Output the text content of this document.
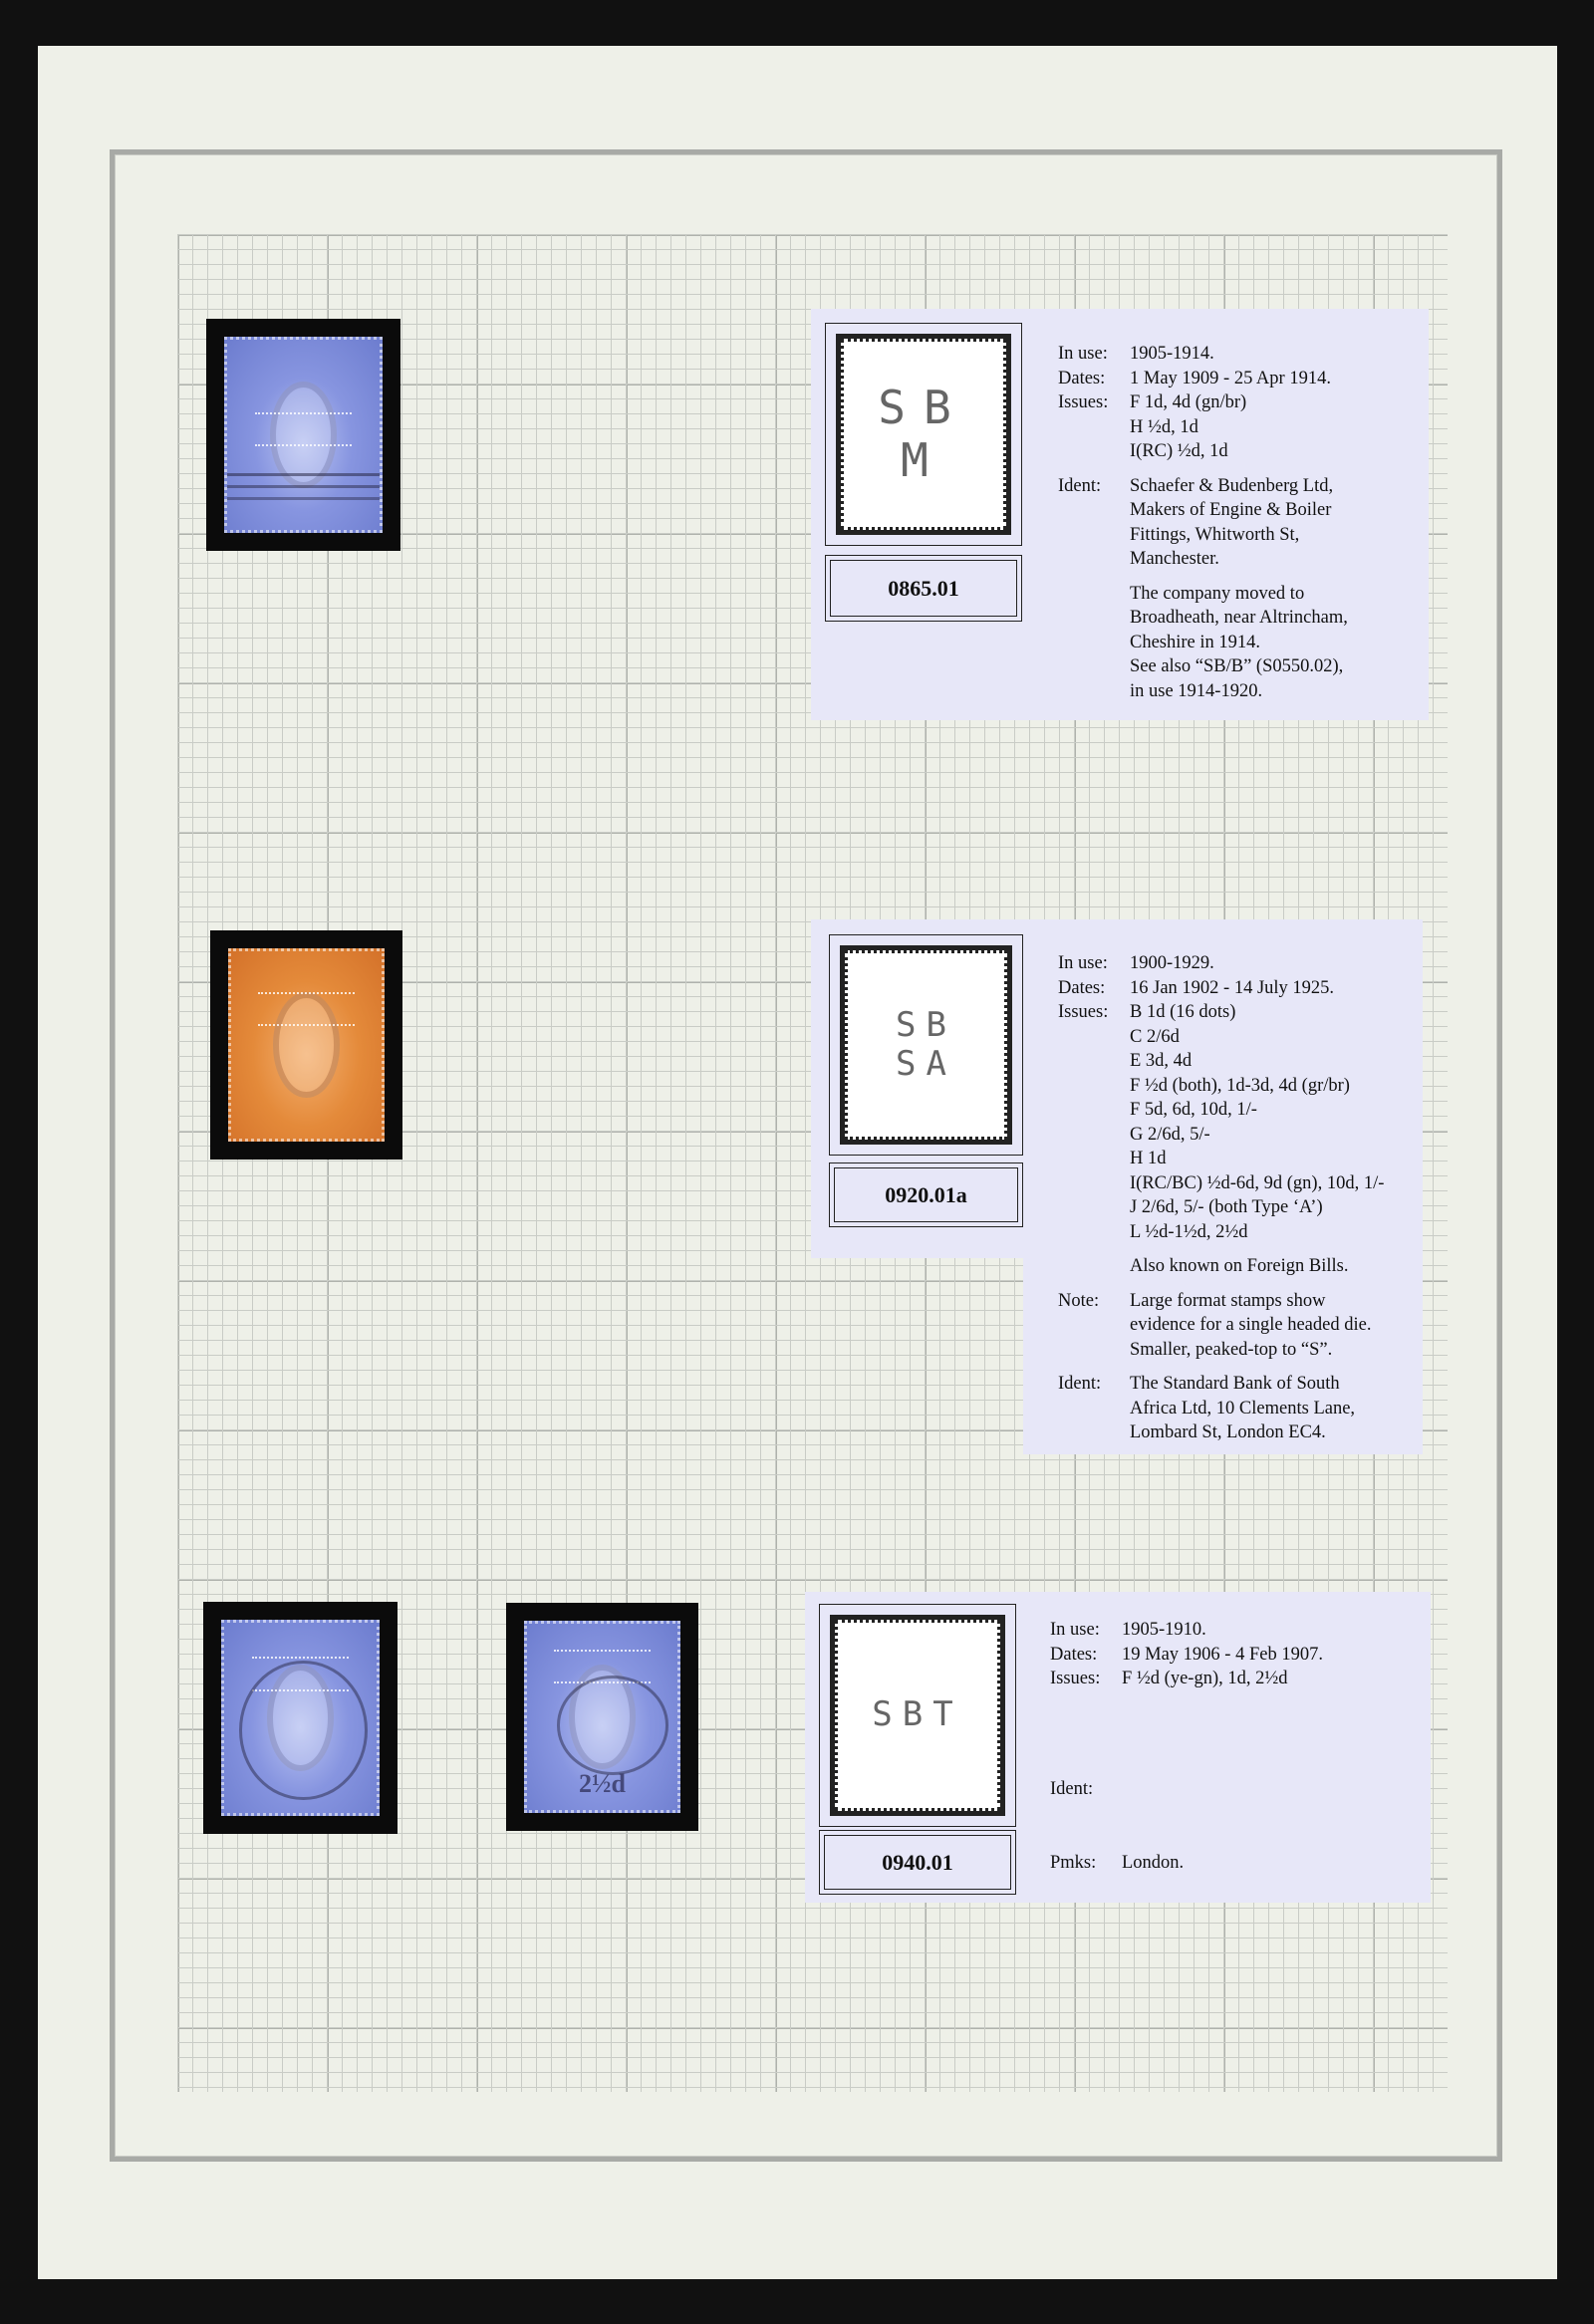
2½d
SB
M
0865.01
In use:	1905-1914.
Dates:	1 May 1909 - 25 Apr 1914.
Issues:	F 1d, 4d (gn/br)
H ½d, 1d
I(RC) ½d, 1d
Ident:	Schaefer & Budenberg Ltd,
Makers of Engine & Boiler
Fittings, Whitworth St,
Manchester.
The company moved to
Broadheath, near Altrincham,
Cheshire in 1914.
See also “SB/B” (S0550.02),
in use 1914-1920.
SB
SA
0920.01a
In use:	1900-1929.
Dates:	16 Jan 1902 - 14 July 1925.
Issues:	B 1d (16 dots)
C 2/6d
E 3d, 4d
F ½d (both), 1d-3d, 4d (gr/br)
F 5d, 6d, 10d, 1/-
G 2/6d, 5/-
H 1d
I(RC/BC) ½d-6d, 9d (gn), 10d, 1/-
J 2/6d, 5/- (both Type ‘A’)
L ½d-1½d, 2½d
Also known on Foreign Bills.
Note:	Large format stamps show
evidence for a single headed die.
Smaller, peaked-top to “S”.
Ident:	The Standard Bank of South
Africa Ltd, 10 Clements Lane,
Lombard St, London EC4.
SBT
0940.01
In use:	1905-1910.
Dates:	19 May 1906 - 4 Feb 1907.
Issues:	F ½d (ye-gn), 1d, 2½d
Ident:
Pmks:	London.
